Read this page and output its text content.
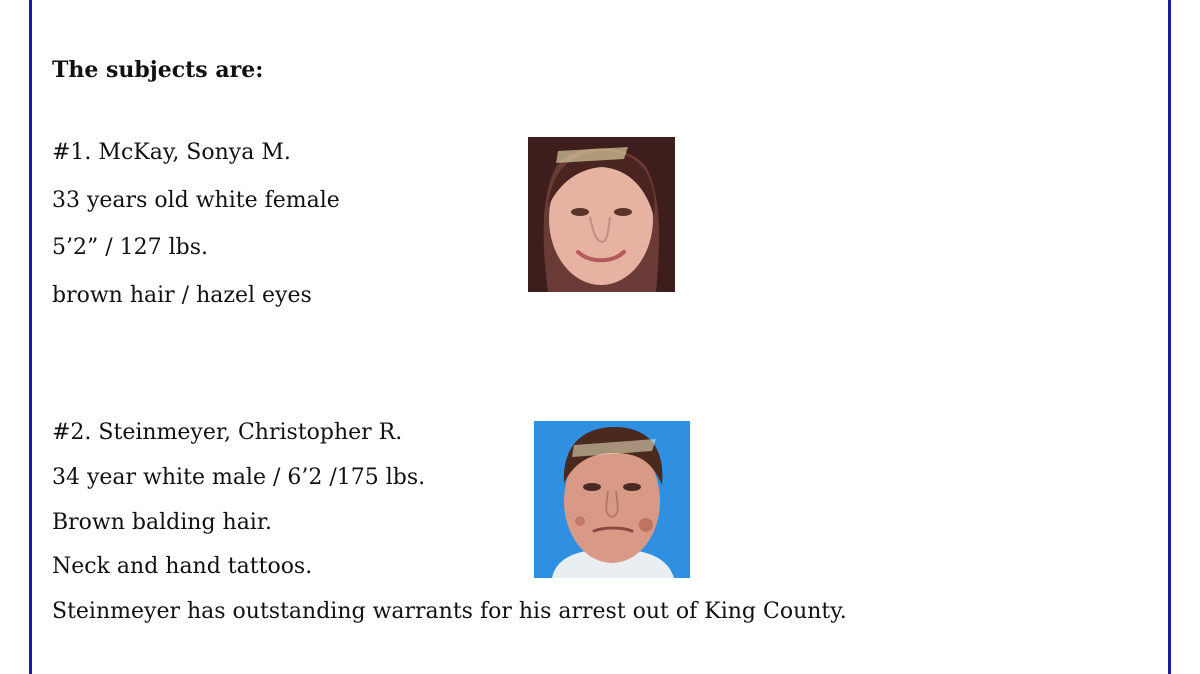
The subjects are:
#1. McKay, Sonya M.
33 years old white female
5’2” / 127 lbs.
brown hair / hazel eyes
#2. Steinmeyer, Christopher R.
34 year white male / 6’2 /175 lbs.
Brown balding hair.
Neck and hand tattoos.
Steinmeyer has outstanding warrants for his arrest out of King County.
